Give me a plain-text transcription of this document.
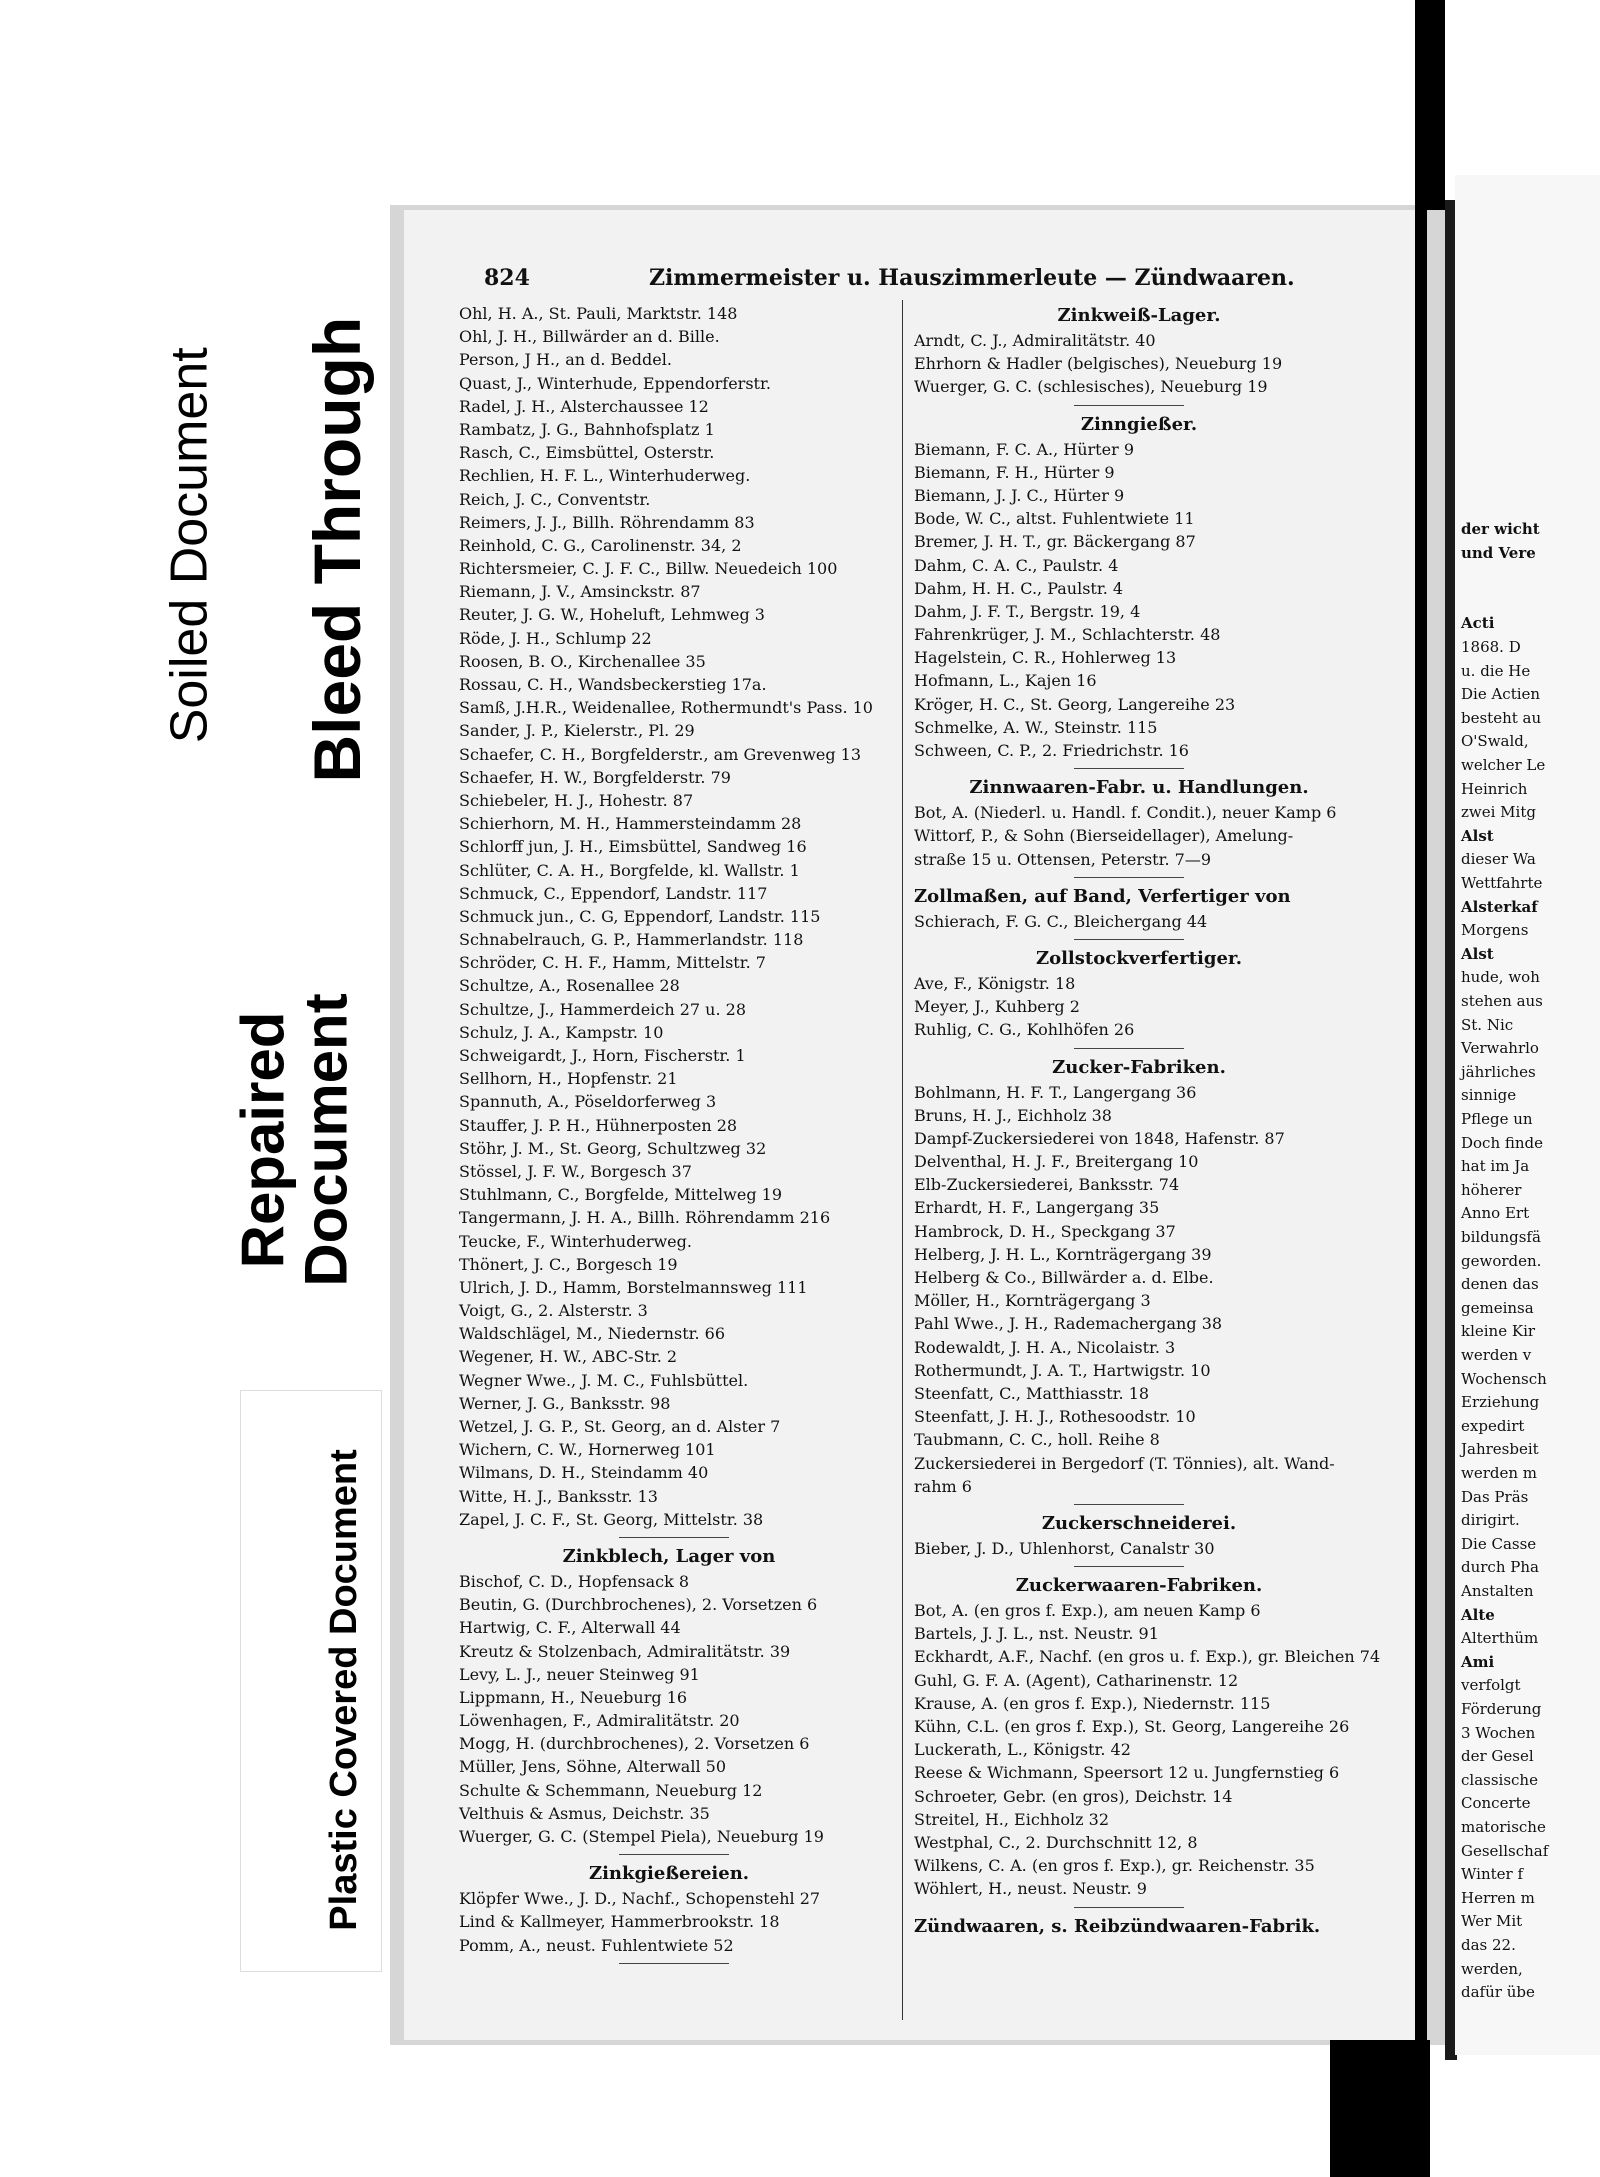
Soiled Document Bleed Through
Repaired
Document
Plastic Covered Document
824	Zimmermeister u. Hauszimmerleute — Zündwaaren.
Ohl, H. A., St. Pauli, Marktstr. 148
Ohl, J. H., Billwärder an d. Bille.
Person, J H., an d. Beddel.
Quast, J., Winterhude, Eppendorferstr.
Radel, J. H., Alsterchaussee 12
Rambatz, J. G., Bahnhofsplatz 1
Rasch, C., Eimsbüttel, Osterstr.
Rechlien, H. F. L., Winterhuderweg.
Reich, J. C., Conventstr.
Reimers, J. J., Billh. Röhrendamm 83
Reinhold, C. G., Carolinenstr. 34, 2
Richtersmeier, C. J. F. C., Billw. Neuedeich 100
Riemann, J. V., Amsinckstr. 87
Reuter, J. G. W., Hoheluft, Lehmweg 3
Röde, J. H., Schlump 22
Roosen, B. O., Kirchenallee 35
Rossau, C. H., Wandsbeckerstieg 17a.
Samß, J.H.R., Weidenallee, Rothermundt's Pass. 10
Sander, J. P., Kielerstr., Pl. 29
Schaefer, C. H., Borgfelderstr., am Grevenweg 13
Schaefer, H. W., Borgfelderstr. 79
Schiebeler, H. J., Hohestr. 87
Schierhorn, M. H., Hammersteindamm 28
Schlorff jun, J. H., Eimsbüttel, Sandweg 16
Schlüter, C. A. H., Borgfelde, kl. Wallstr. 1
Schmuck, C., Eppendorf, Landstr. 117
Schmuck jun., C. G, Eppendorf, Landstr. 115
Schnabelrauch, G. P., Hammerlandstr. 118
Schröder, C. H. F., Hamm, Mittelstr. 7
Schultze, A., Rosenallee 28
Schultze, J., Hammerdeich 27 u. 28
Schulz, J. A., Kampstr. 10
Schweigardt, J., Horn, Fischerstr. 1
Sellhorn, H., Hopfenstr. 21
Spannuth, A., Pöseldorferweg 3
Stauffer, J. P. H., Hühnerposten 28
Stöhr, J. M., St. Georg, Schultzweg 32
Stössel, J. F. W., Borgesch 37
Stuhlmann, C., Borgfelde, Mittelweg 19
Tangermann, J. H. A., Billh. Röhrendamm 216
Teucke, F., Winterhuderweg.
Thönert, J. C., Borgesch 19
Ulrich, J. D., Hamm, Borstelmannsweg 111
Voigt, G., 2. Alsterstr. 3
Waldschlägel, M., Niedernstr. 66
Wegener, H. W., ABC-Str. 2
Wegner Wwe., J. M. C., Fuhlsbüttel.
Werner, J. G., Banksstr. 98
Wetzel, J. G. P., St. Georg, an d. Alster 7
Wichern, C. W., Hornerweg 101
Wilmans, D. H., Steindamm 40
Witte, H. J., Banksstr. 13
Zapel, J. C. F., St. Georg, Mittelstr. 38
Zinkblech, Lager von
Bischof, C. D., Hopfensack 8
Beutin, G. (Durchbrochenes), 2. Vorsetzen 6
Hartwig, C. F., Alterwall 44
Kreutz & Stolzenbach, Admiralitätstr. 39
Levy, L. J., neuer Steinweg 91
Lippmann, H., Neueburg 16
Löwenhagen, F., Admiralitätstr. 20
Mogg, H. (durchbrochenes), 2. Vorsetzen 6
Müller, Jens, Söhne, Alterwall 50
Schulte & Schemmann, Neueburg 12
Velthuis & Asmus, Deichstr. 35
Wuerger, G. C. (Stempel Piela), Neueburg 19
Zinkgießereien.
Klöpfer Wwe., J. D., Nachf., Schopenstehl 27
Lind & Kallmeyer, Hammerbrookstr. 18
Pomm, A., neust. Fuhlentwiete 52
Zinkweiß-Lager.
Arndt, C. J., Admiralitätstr. 40
Ehrhorn & Hadler (belgisches), Neueburg 19
Wuerger, G. C. (schlesisches), Neueburg 19
Zinngießer.
Biemann, F. C. A., Hürter 9
Biemann, F. H., Hürter 9
Biemann, J. J. C., Hürter 9
Bode, W. C., altst. Fuhlentwiete 11
Bremer, J. H. T., gr. Bäckergang 87
Dahm, C. A. C., Paulstr. 4
Dahm, H. H. C., Paulstr. 4
Dahm, J. F. T., Bergstr. 19, 4
Fahrenkrüger, J. M., Schlachterstr. 48
Hagelstein, C. R., Hohlerweg 13
Hofmann, L., Kajen 16
Kröger, H. C., St. Georg, Langereihe 23
Schmelke, A. W., Steinstr. 115
Schween, C. P., 2. Friedrichstr. 16
Zinnwaaren-Fabr. u. Handlungen.
Bot, A. (Niederl. u. Handl. f. Condit.), neuer Kamp 6
Wittorf, P., & Sohn (Bierseidellager), Amelung-
straße 15 u. Ottensen, Peterstr. 7—9
Zollmaßen, auf Band, Verfertiger von
Schierach, F. G. C., Bleichergang 44
Zollstockverfertiger.
Ave, F., Königstr. 18
Meyer, J., Kuhberg 2
Ruhlig, C. G., Kohlhöfen 26
Zucker-Fabriken.
Bohlmann, H. F. T., Langergang 36
Bruns, H. J., Eichholz 38
Dampf-Zuckersiederei von 1848, Hafenstr. 87
Delventhal, H. J. F., Breitergang 10
Elb-Zuckersiederei, Banksstr. 74
Erhardt, H. F., Langergang 35
Hambrock, D. H., Speckgang 37
Helberg, J. H. L., Kornträgergang 39
Helberg & Co., Billwärder a. d. Elbe.
Möller, H., Kornträgergang 3
Pahl Wwe., J. H., Rademachergang 38
Rodewaldt, J. H. A., Nicolaistr. 3
Rothermundt, J. A. T., Hartwigstr. 10
Steenfatt, C., Matthiasstr. 18
Steenfatt, J. H. J., Rothesoodstr. 10
Taubmann, C. C., holl. Reihe 8
Zuckersiederei in Bergedorf (T. Tönnies), alt. Wand-
rahm 6
Zuckerschneiderei.
Bieber, J. D., Uhlenhorst, Canalstr 30
Zuckerwaaren-Fabriken.
Bot, A. (en gros f. Exp.), am neuen Kamp 6
Bartels, J. J. L., nst. Neustr. 91
Eckhardt, A.F., Nachf. (en gros u. f. Exp.), gr. Bleichen 74
Guhl, G. F. A. (Agent), Catharinenstr. 12
Krause, A. (en gros f. Exp.), Niedernstr. 115
Kühn, C.L. (en gros f. Exp.), St. Georg, Langereihe 26
Luckerath, L., Königstr. 42
Reese & Wichmann, Speersort 12 u. Jungfernstieg 6
Schroeter, Gebr. (en gros), Deichstr. 14
Streitel, H., Eichholz 32
Westphal, C., 2. Durchschnitt 12, 8
Wilkens, C. A. (en gros f. Exp.), gr. Reichenstr. 35
Wöhlert, H., neust. Neustr. 9
Zündwaaren, s. Reibzündwaaren-Fabrik.
der wicht
und Vere
Acti
1868. D
u. die He
Die Actien
besteht au
O'Swald,
welcher Le
Heinrich
zwei Mitg
Alst
dieser Wa
Wettfahrte
Alsterkaf
Morgens
Alst
hude, woh
stehen aus
St. Nic
Verwahrlo
jährliches
sinnige
Pflege un
Doch finde
hat im Ja
höherer
Anno Ert
bildungsfä
geworden.
denen das
gemeinsa
kleine Kir
werden v
Wochensch
Erziehung
expedirt
Jahresbeit
werden m
Das Präs
dirigirt.
Die Casse
durch Pha
Anstalten
Alte
Alterthüm
Ami
verfolgt
Förderung
3 Wochen
der Gesel
classische
Concerte
matorische
Gesellschaf
Winter f
Herren m
Wer Mit
das 22.
werden,
dafür übe
